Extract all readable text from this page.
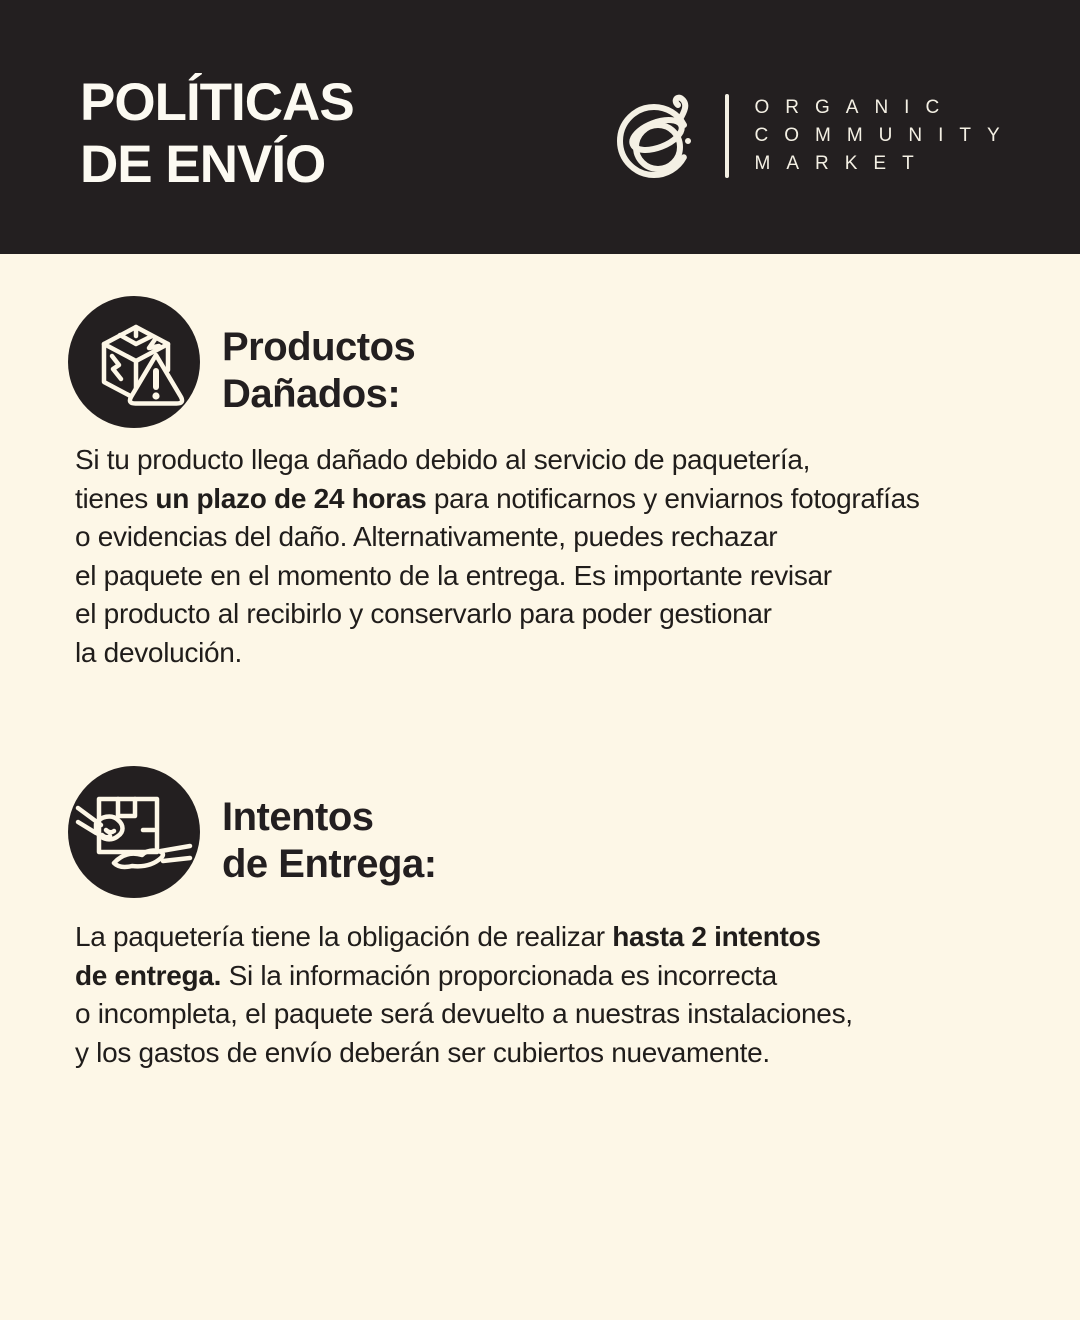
POLÍTICAS
DE ENVÍO
ORGANIC
COMMUNITY
MARKET
Productos
Dañados:

Si tu producto llega dañado debido al servicio de paquetería,
tienes un plazo de 24 horas para notificarnos y enviarnos fotografías
o evidencias del daño. Alternativamente, puedes rechazar
el paquete en el momento de la entrega. Es importante revisar
el producto al recibirlo y conservarlo para poder gestionar
la devolución.

Intentos
de Entrega:

La paquetería tiene la obligación de realizar hasta 2 intentos
de entrega. Si la información proporcionada es incorrecta
o incompleta, el paquete será devuelto a nuestras instalaciones,
y los gastos de envío deberán ser cubiertos nuevamente.
